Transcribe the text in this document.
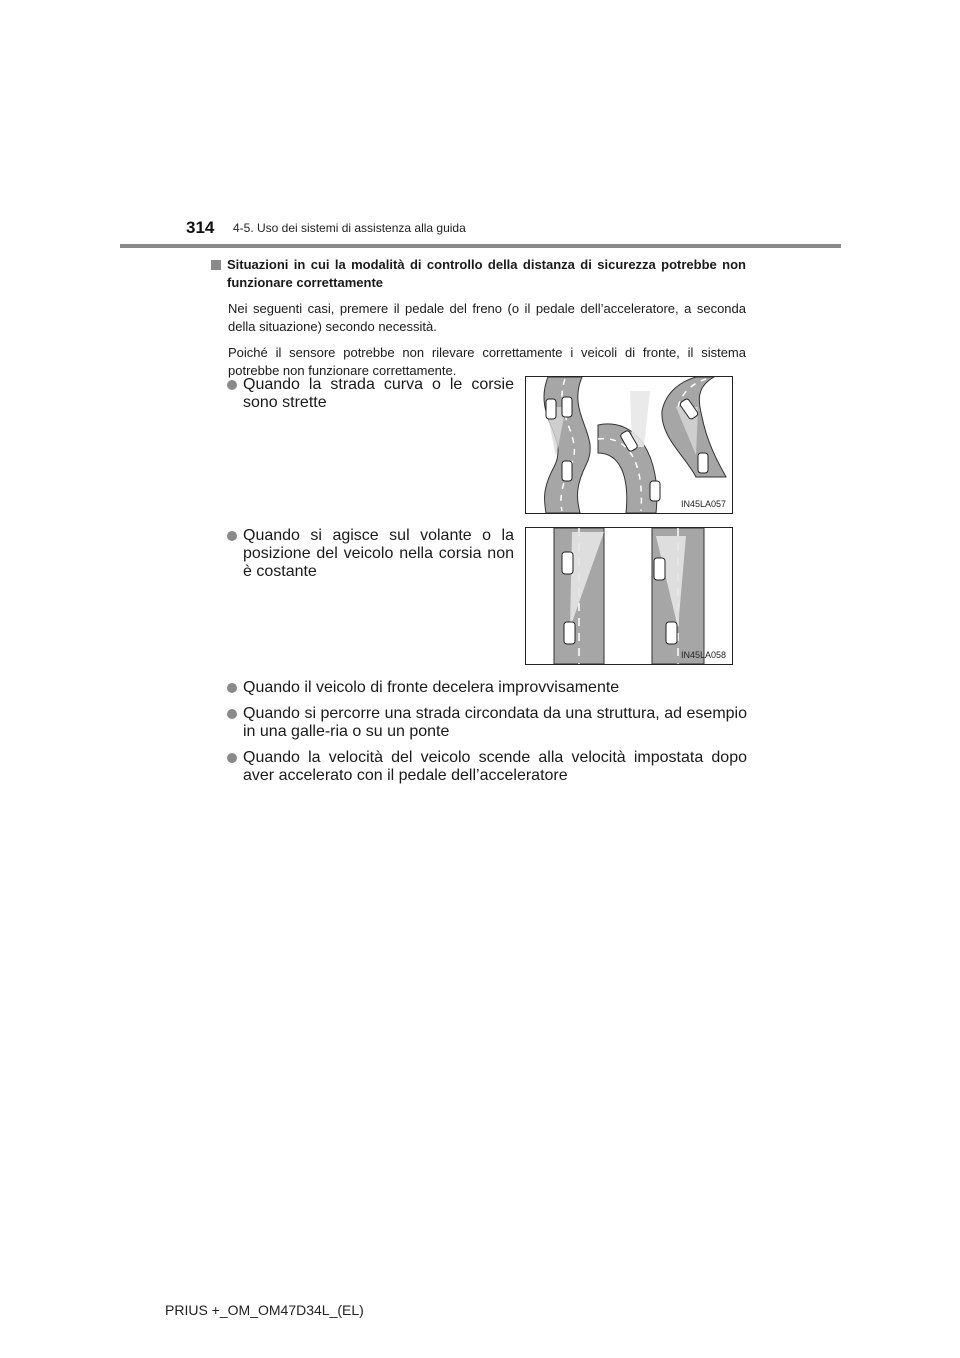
314 4-5. Uso dei sistemi di assistenza alla guida
Situazioni in cui la modalità di controllo della distanza di sicurezza potrebbe non funzionare correttamente
Nei seguenti casi, premere il pedale del freno (o il pedale dell’acceleratore, a seconda della situazione) secondo necessità.
Poiché il sensore potrebbe non rilevare correttamente i veicoli di fronte, il sistema potrebbe non funzionare correttamente.
Quando la strada curva o le corsie sono strette
IN45LA057
Quando si agisce sul volante o la posizione del veicolo nella corsia non è costante
IN45LA058
Quando il veicolo di fronte decelera improvvisamente
Quando si percorre una strada circondata da una struttura, ad esempio in una galle-ria o su un ponte
Quando la velocità del veicolo scende alla velocità impostata dopo aver accelerato con il pedale dell’acceleratore
PRIUS +_OM_OM47D34L_(EL)
